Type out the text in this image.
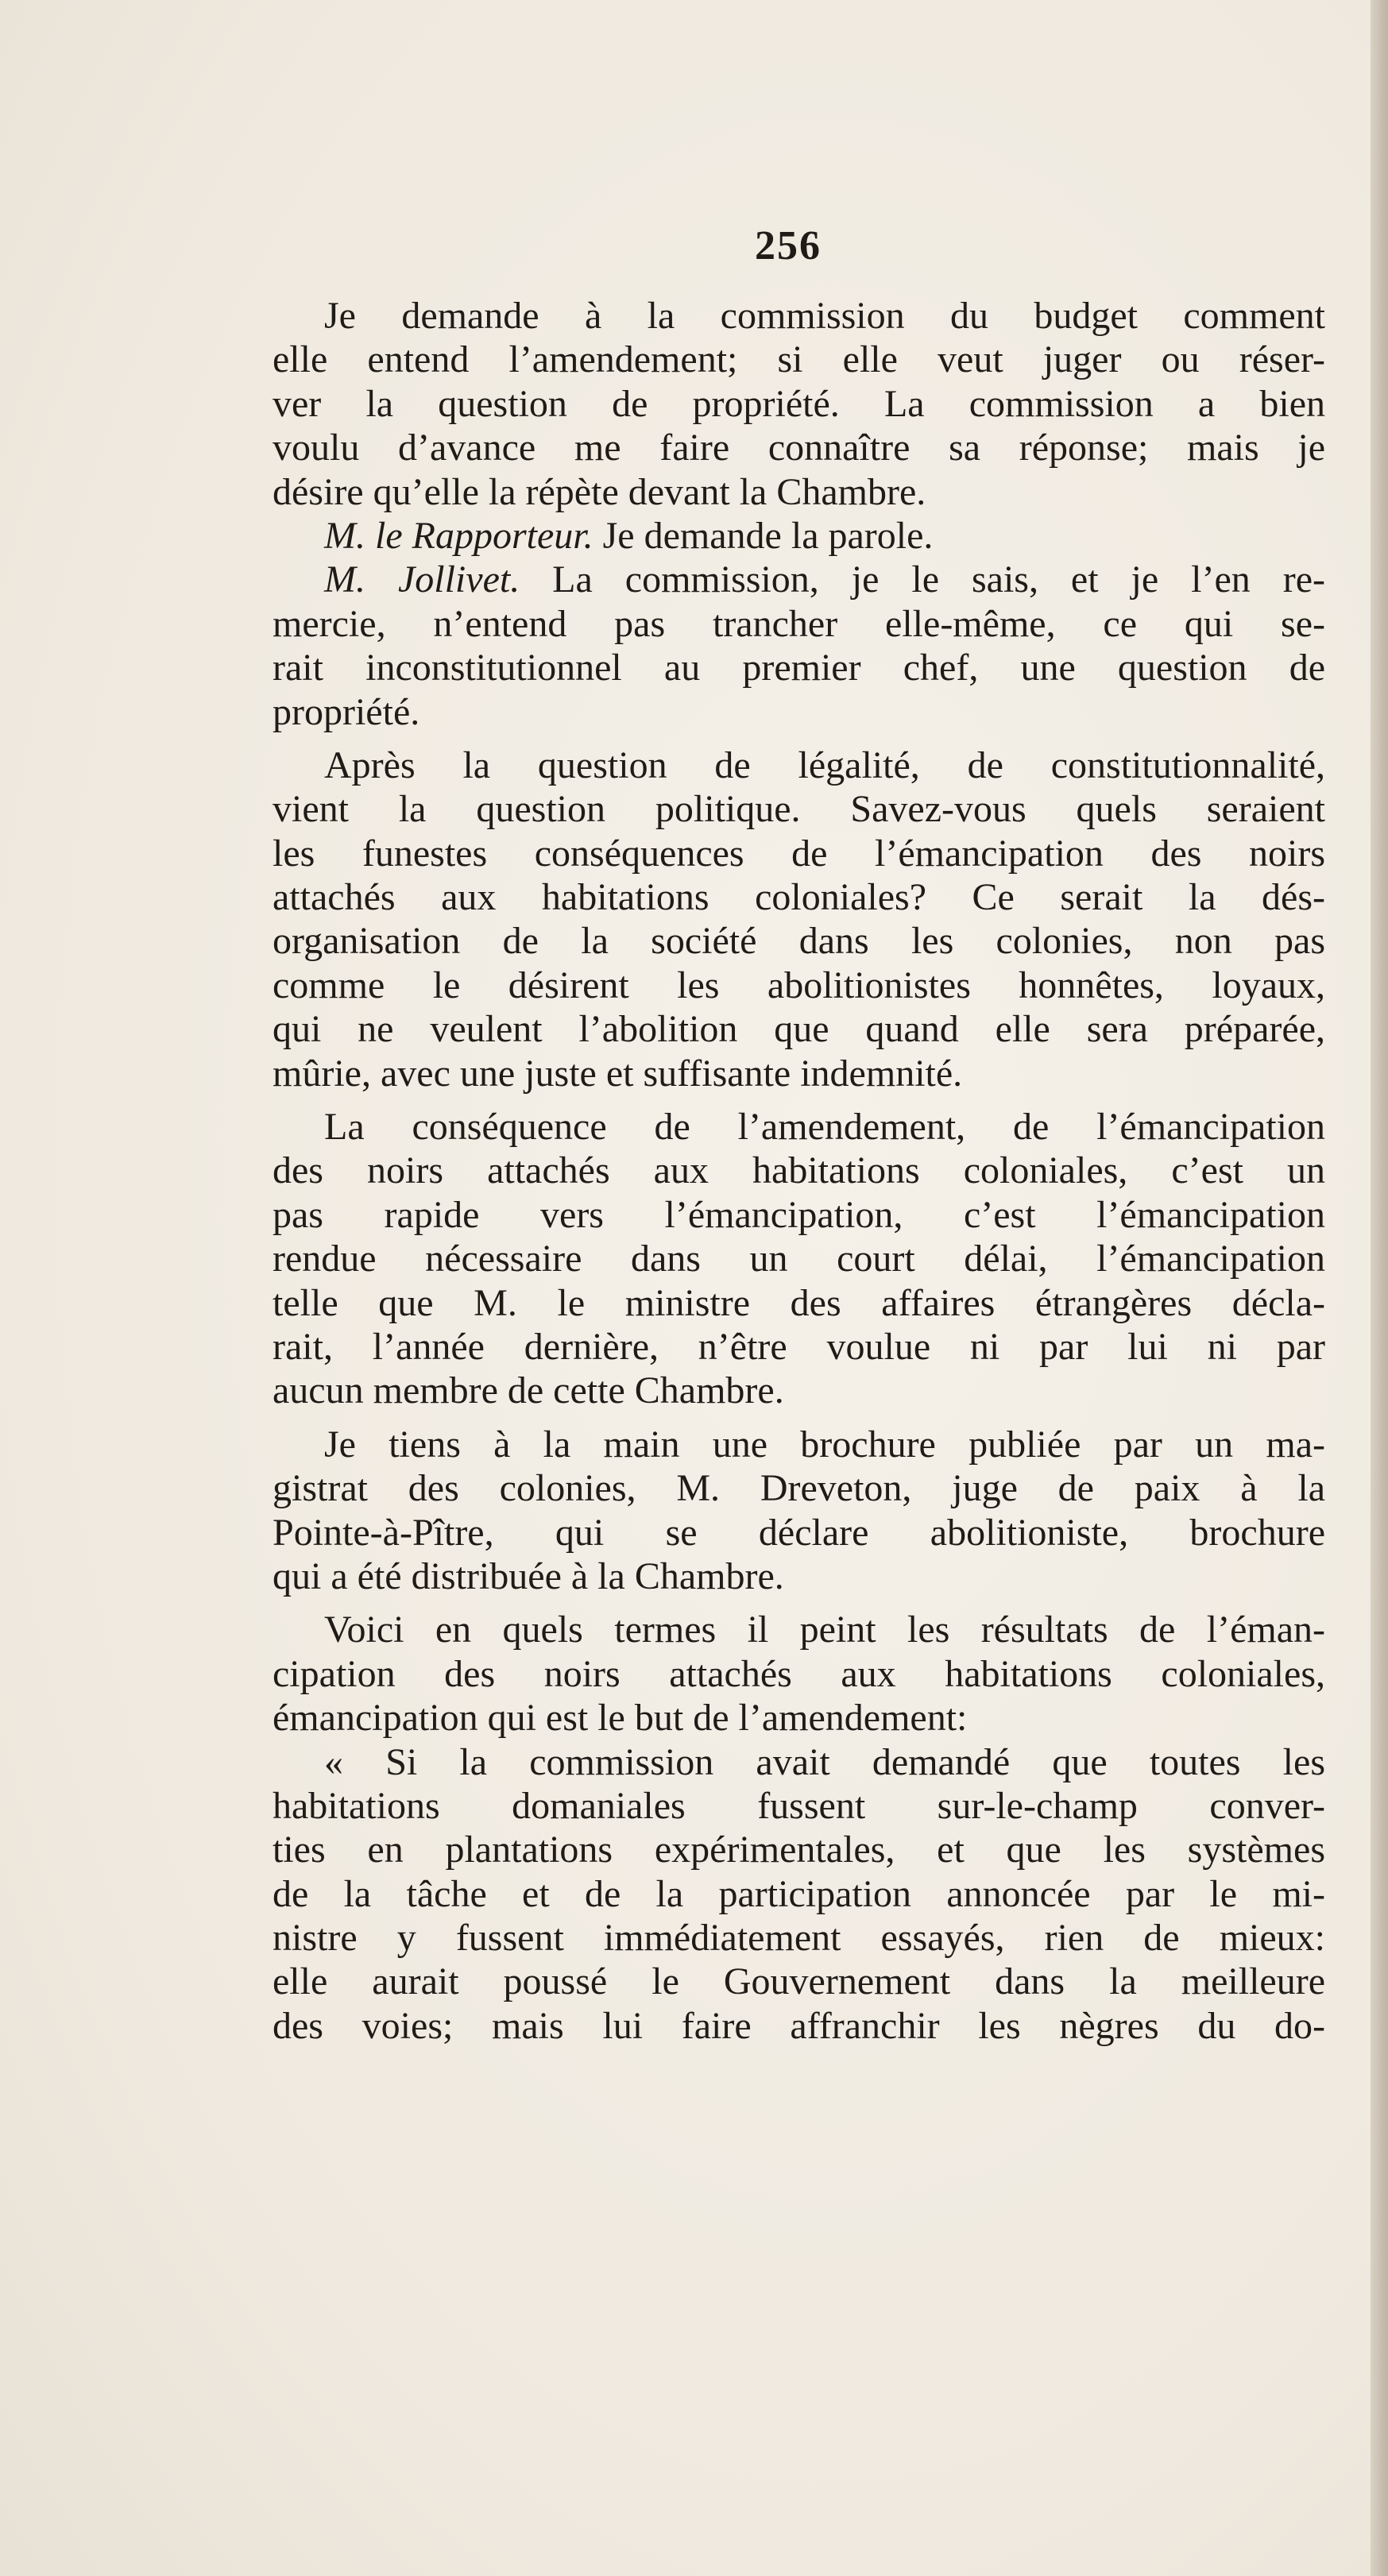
256
Je demande à la commission du budget comment
elle entend l’amendement; si elle veut juger ou réser-
ver la question de propriété. La commission a bien
voulu d’avance me faire connaître sa réponse; mais je
désire qu’elle la répète devant la Chambre.
M. le Rapporteur. Je demande la parole.
M. Jollivet. La commission, je le sais, et je l’en re-
mercie, n’entend pas trancher elle-même, ce qui se-
rait inconstitutionnel au premier chef, une question de
propriété.
Après la question de légalité, de constitutionnalité,
vient la question politique. Savez-vous quels seraient
les funestes conséquences de l’émancipation des noirs
attachés aux habitations coloniales? Ce serait la dés-
organisation de la société dans les colonies, non pas
comme le désirent les abolitionistes honnêtes, loyaux,
qui ne veulent l’abolition que quand elle sera préparée,
mûrie, avec une juste et suffisante indemnité.
La conséquence de l’amendement, de l’émancipation
des noirs attachés aux habitations coloniales, c’est un
pas rapide vers l’émancipation, c’est l’émancipation
rendue nécessaire dans un court délai, l’émancipation
telle que M. le ministre des affaires étrangères décla-
rait, l’année dernière, n’être voulue ni par lui ni par
aucun membre de cette Chambre.
Je tiens à la main une brochure publiée par un ma-
gistrat des colonies, M. Dreveton, juge de paix à la
Pointe-à-Pître, qui se déclare abolitioniste, brochure
qui a été distribuée à la Chambre.
Voici en quels termes il peint les résultats de l’éman-
cipation des noirs attachés aux habitations coloniales,
émancipation qui est le but de l’amendement:
« Si la commission avait demandé que toutes les
habitations domaniales fussent sur-le-champ conver-
ties en plantations expérimentales, et que les systèmes
de la tâche et de la participation annoncée par le mi-
nistre y fussent immédiatement essayés, rien de mieux:
elle aurait poussé le Gouvernement dans la meilleure
des voies; mais lui faire affranchir les nègres du do-
